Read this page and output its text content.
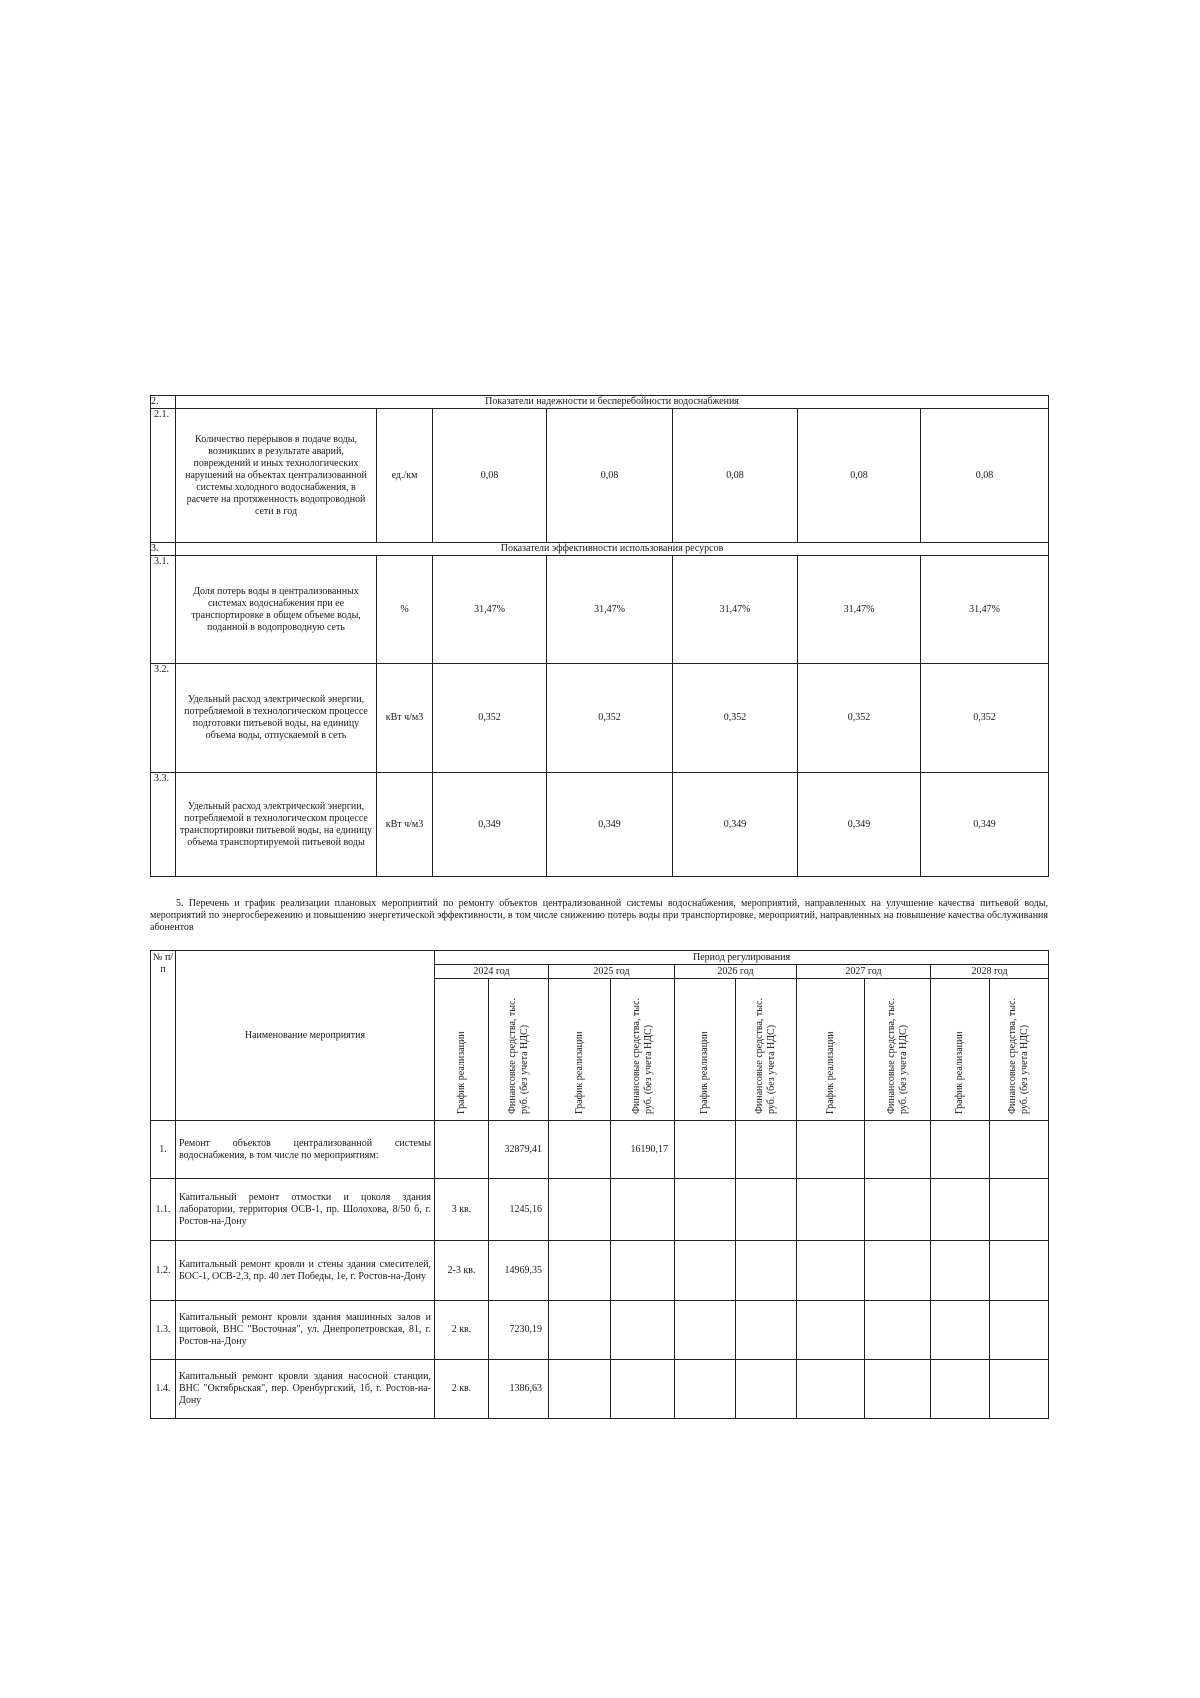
2.	Показатели надежности и бесперебойности водоснабжения						
2.1.	Количество перерывов в подаче воды, возникших в результате аварий, повреждений и иных технологических нарушений на объектах централизованной системы холодного водоснабжения, в расчете на протяженность водопроводной сети в год	ед./км	0,08	0,08	0,08	0,08	0,08
3.	Показатели эффективности использования ресурсов						
3.1.	Доля потерь воды в централизованных системах водоснабжения при ее транспортировке в общем объеме воды, поданной в водопроводную сеть	%	31,47%	31,47%	31,47%	31,47%	31,47%
3.2.	Удельный расход электрической энергии, потребляемой в технологическом процессе подготовки питьевой воды, на единицу объема воды, отпускаемой в сеть	кВт ч/м3	0,352	0,352	0,352	0,352	0,352
3.3.	Удельный расход электрической энергии, потребляемой в технологическом процессе транспортировки питьевой воды, на единицу объема транспортируемой питьевой воды	кВт ч/м3	0,349	0,349	0,349	0,349	0,349

5. Перечень и график реализации плановых мероприятий по ремонту объектов централизованной системы водоснабжения, мероприятий, направленных на улучшение качества питьевой воды, мероприятий по энергосбережению и повышению энергетической эффективности, в том числе снижению потерь воды при транспортировке, мероприятий, направленных на повышение качества обслуживания абонентов

№ п/п	Наименование мероприятия	Период регулирования									
		2024 год		2025 год		2026 год		2027 год		2028 год	
		График реализации	Финансовые средства, тыс. руб. (без учета НДС)	График реализации	Финансовые средства, тыс. руб. (без учета НДС)	График реализации	Финансовые средства, тыс. руб. (без учета НДС)	График реализации	Финансовые средства, тыс. руб. (без учета НДС)	График реализации	Финансовые средства, тыс. руб. (без учета НДС)
1.	Ремонт объектов централизованной системы водоснабжения, в том числе по мероприятиям:		32879,41		16190,17						
1.1.	Капитальный ремонт отмостки и цоколя здания лаборатории, территория ОСВ-1, пр. Шолохова, 8/50 б, г. Ростов-на-Дону	3 кв.	1245,16								
1.2.	Капитальный ремонт кровли и стены здания смесителей, БОС-1, ОСВ-2,3, пр. 40 лет Победы, 1е, г. Ростов-на-Дону	2-3 кв.	14969,35								
1.3.	Капитальный ремонт кровли здания машинных залов и щитовой, ВНС "Восточная", ул. Днепропетровская, 81, г. Ростов-на-Дону	2 кв.	7230,19								
1.4.	Капитальный ремонт кровли здания насосной станции, ВНС "Октябрьская", пер. Оренбургский, 1б, г. Ростов-на-Дону	2 кв.	1386,63								
